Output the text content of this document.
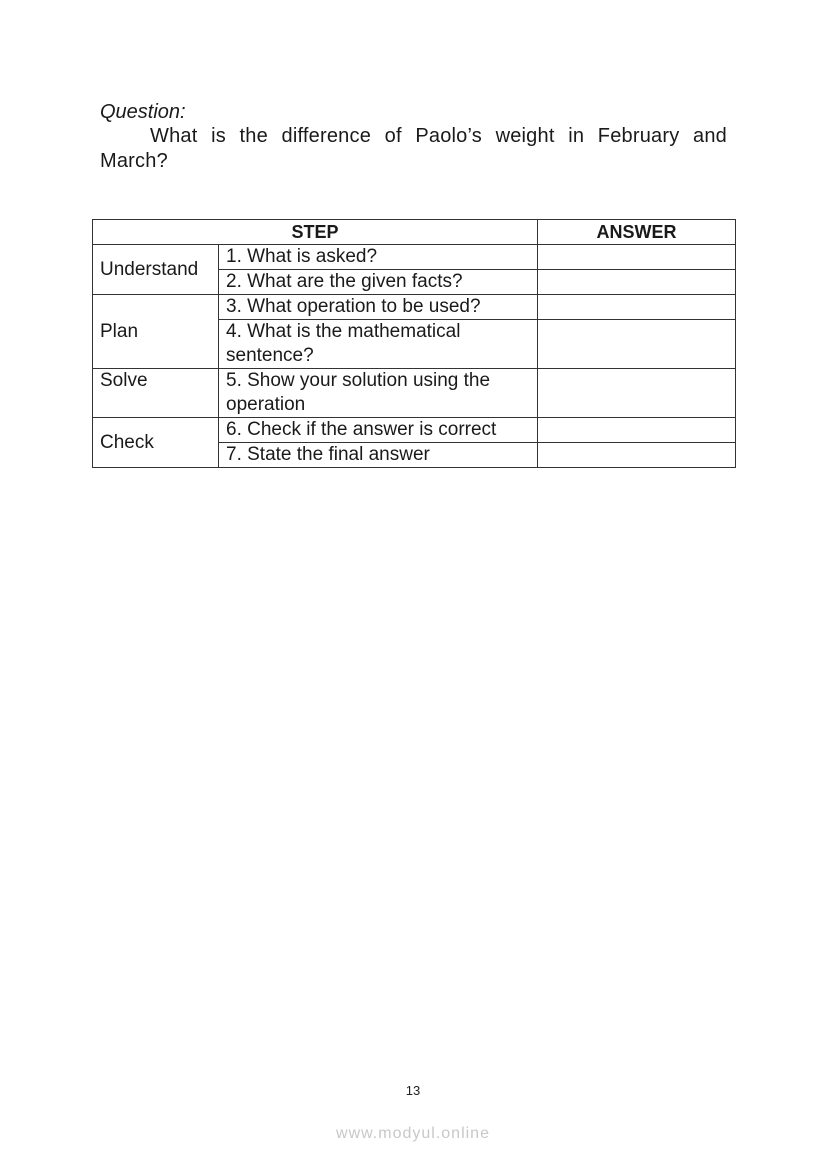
Question:
What is the difference of Paolo’s weight in February and March?
STEP		ANSWER
Understand	1. What is asked?	
	2. What are the given facts?	
Plan	3. What operation to be used?	
	4. What is the mathematical sentence?	
Solve	5. Show your solution using the operation	
Check	6. Check if the answer is correct	
	7. State the final answer	
13
www.modyul.online
